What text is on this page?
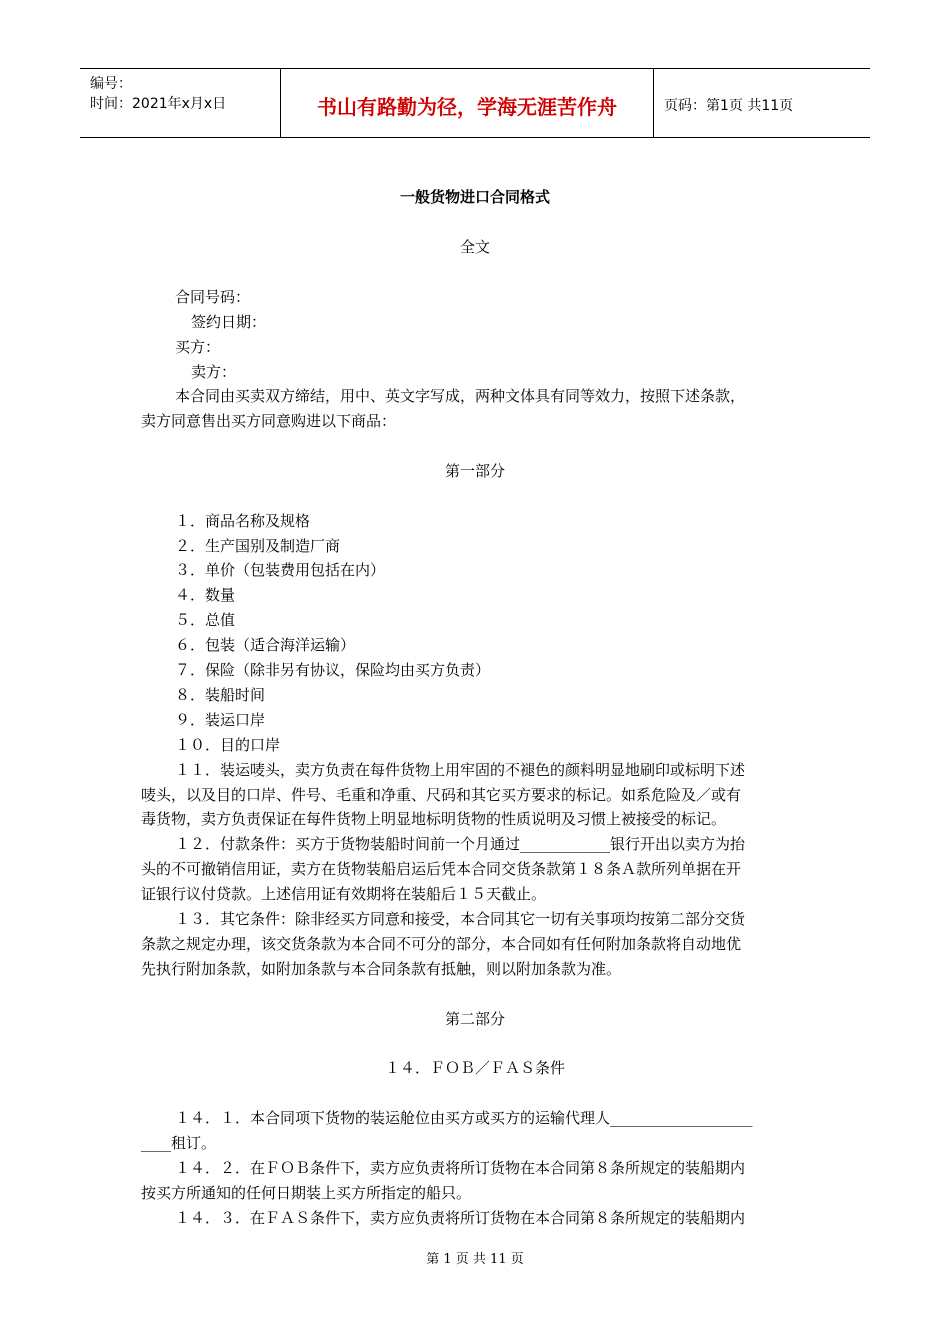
编号：
时间：2021年x月x日	书山有路勤为径，学海无涯苦作舟	页码：第1页 共11页
一般货物进口合同格式
全文
合同号码：
签约日期：
买方：
卖方：
本合同由买卖双方缔结，用中、英文字写成，两种文体具有同等效力，按照下述条款，
卖方同意售出买方同意购进以下商品：
第一部分
１．商品名称及规格
２．生产国别及制造厂商
３．单价（包装费用包括在内）
４．数量
５．总值
６．包装（适合海洋运输）
７．保险（除非另有协议，保险均由买方负责）
８．装船时间
９．装运口岸
１０．目的口岸
１１．装运唛头，卖方负责在每件货物上用牢固的不褪色的颜料明显地刷印或标明下述
唛头，以及目的口岸、件号、毛重和净重、尺码和其它买方要求的标记。如系危险及／或有
毒货物，卖方负责保证在每件货物上明显地标明货物的性质说明及习惯上被接受的标记。
１２．付款条件：买方于货物装船时间前一个月通过____________银行开出以卖方为抬
头的不可撤销信用证，卖方在货物装船启运后凭本合同交货条款第１８条Ａ款所列单据在开
证银行议付贷款。上述信用证有效期将在装船后１５天截止。
１３．其它条件：除非经买方同意和接受，本合同其它一切有关事项均按第二部分交货
条款之规定办理，该交货条款为本合同不可分的部分，本合同如有任何附加条款将自动地优
先执行附加条款，如附加条款与本合同条款有抵触，则以附加条款为准。
第二部分
１４．ＦＯＢ／ＦＡＳ条件
１４．１．本合同项下货物的装运舱位由买方或买方的运输代理人___________________
____租订。
１４．２．在ＦＯＢ条件下，卖方应负责将所订货物在本合同第８条所规定的装船期内
按买方所通知的任何日期装上买方所指定的船只。
１４．３．在ＦＡＳ条件下，卖方应负责将所订货物在本合同第８条所规定的装船期内
第 1 页 共 11 页
